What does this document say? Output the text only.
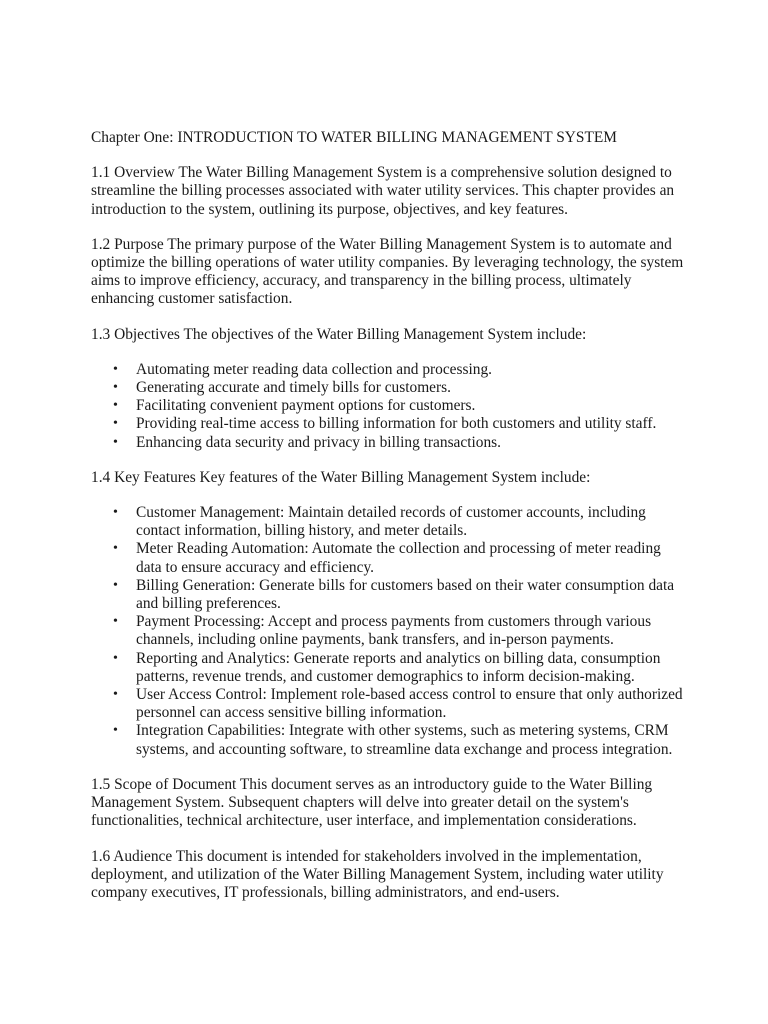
Chapter One: INTRODUCTION TO WATER BILLING MANAGEMENT SYSTEM

1.1 Overview The Water Billing Management System is a comprehensive solution designed to streamline the billing processes associated with water utility services. This chapter provides an introduction to the system, outlining its purpose, objectives, and key features.

1.2 Purpose The primary purpose of the Water Billing Management System is to automate and optimize the billing operations of water utility companies. By leveraging technology, the system aims to improve efficiency, accuracy, and transparency in the billing process, ultimately enhancing customer satisfaction.

1.3 Objectives The objectives of the Water Billing Management System include:

• Automating meter reading data collection and processing.
• Generating accurate and timely bills for customers.
• Facilitating convenient payment options for customers.
• Providing real-time access to billing information for both customers and utility staff.
• Enhancing data security and privacy in billing transactions.

1.4 Key Features Key features of the Water Billing Management System include:

• Customer Management: Maintain detailed records of customer accounts, including contact information, billing history, and meter details.
• Meter Reading Automation: Automate the collection and processing of meter reading data to ensure accuracy and efficiency.
• Billing Generation: Generate bills for customers based on their water consumption data and billing preferences.
• Payment Processing: Accept and process payments from customers through various channels, including online payments, bank transfers, and in-person payments.
• Reporting and Analytics: Generate reports and analytics on billing data, consumption patterns, revenue trends, and customer demographics to inform decision-making.
• User Access Control: Implement role-based access control to ensure that only authorized personnel can access sensitive billing information.
• Integration Capabilities: Integrate with other systems, such as metering systems, CRM systems, and accounting software, to streamline data exchange and process integration.

1.5 Scope of Document This document serves as an introductory guide to the Water Billing Management System. Subsequent chapters will delve into greater detail on the system's functionalities, technical architecture, user interface, and implementation considerations.

1.6 Audience This document is intended for stakeholders involved in the implementation, deployment, and utilization of the Water Billing Management System, including water utility company executives, IT professionals, billing administrators, and end-users.
